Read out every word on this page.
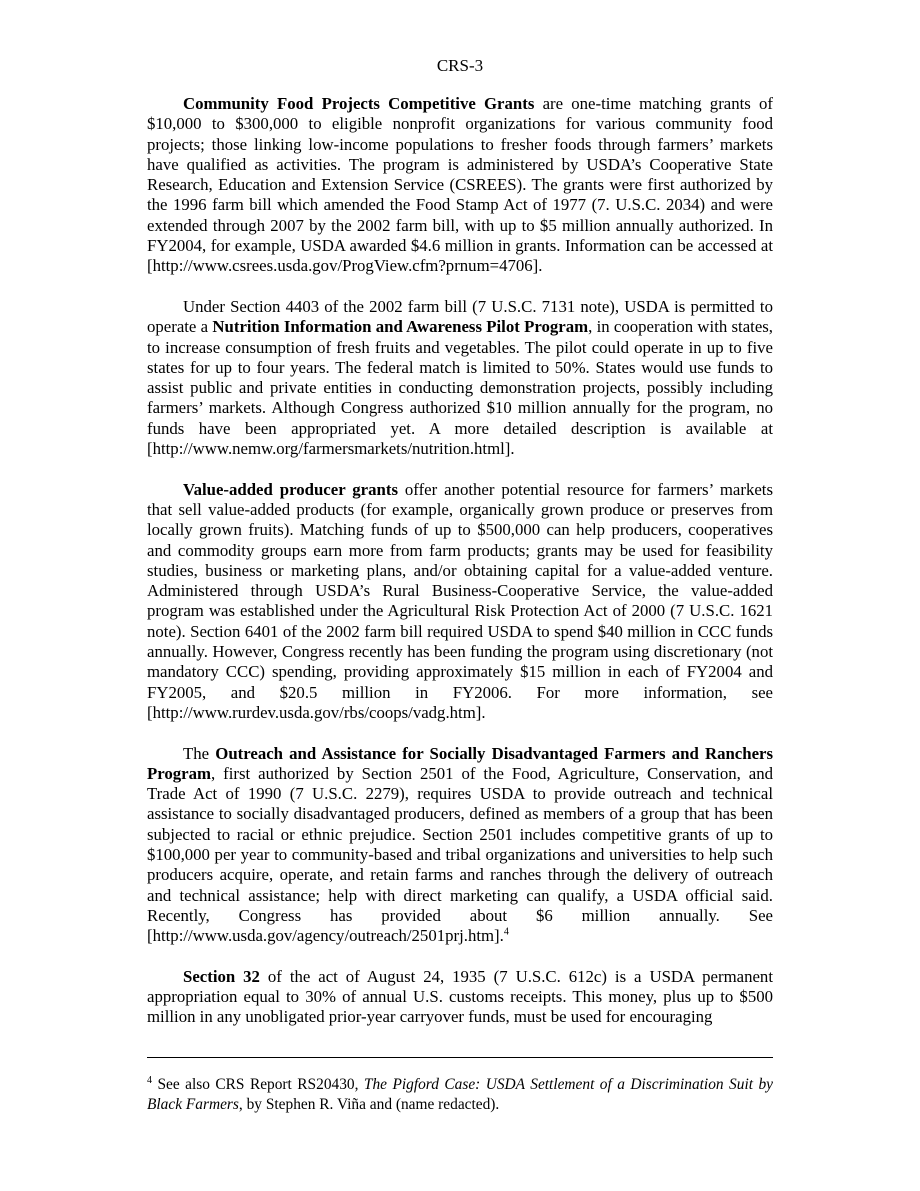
CRS-3

Community Food Projects Competitive Grants are one-time matching grants of $10,000 to $300,000 to eligible nonprofit organizations for various community food projects; those linking low-income populations to fresher foods through farmers’ markets have qualified as activities. The program is administered by USDA’s Cooperative State Research, Education and Extension Service (CSREES). The grants were first authorized by the 1996 farm bill which amended the Food Stamp Act of 1977 (7. U.S.C. 2034) and were extended through 2007 by the 2002 farm bill, with up to $5 million annually authorized. In FY2004, for example, USDA awarded $4.6 million in grants. Information can be accessed at [http://www.csrees.usda.gov/ProgView.cfm?prnum=4706].

Under Section 4403 of the 2002 farm bill (7 U.S.C. 7131 note), USDA is permitted to operate a Nutrition Information and Awareness Pilot Program, in cooperation with states, to increase consumption of fresh fruits and vegetables. The pilot could operate in up to five states for up to four years. The federal match is limited to 50%. States would use funds to assist public and private entities in conducting demonstration projects, possibly including farmers’ markets. Although Congress authorized $10 million annually for the program, no funds have been appropriated yet. A more detailed description is available at [http://www.nemw.org/farmersmarkets/nutrition.html].

Value-added producer grants offer another potential resource for farmers’ markets that sell value-added products (for example, organically grown produce or preserves from locally grown fruits). Matching funds of up to $500,000 can help producers, cooperatives and commodity groups earn more from farm products; grants may be used for feasibility studies, business or marketing plans, and/or obtaining capital for a value-added venture. Administered through USDA’s Rural Business-Cooperative Service, the value-added program was established under the Agricultural Risk Protection Act of 2000 (7 U.S.C. 1621 note). Section 6401 of the 2002 farm bill required USDA to spend $40 million in CCC funds annually. However, Congress recently has been funding the program using discretionary (not mandatory CCC) spending, providing approximately $15 million in each of FY2004 and FY2005, and $20.5 million in FY2006. For more information, see [http://www.rurdev.usda.gov/rbs/coops/vadg.htm].

The Outreach and Assistance for Socially Disadvantaged Farmers and Ranchers Program, first authorized by Section 2501 of the Food, Agriculture, Conservation, and Trade Act of 1990 (7 U.S.C. 2279), requires USDA to provide outreach and technical assistance to socially disadvantaged producers, defined as members of a group that has been subjected to racial or ethnic prejudice. Section 2501 includes competitive grants of up to $100,000 per year to community-based and tribal organizations and universities to help such producers acquire, operate, and retain farms and ranches through the delivery of outreach and technical assistance; help with direct marketing can qualify, a USDA official said. Recently, Congress has provided about $6 million annually. See [http://www.usda.gov/agency/outreach/2501prj.htm].$^4$

Section 32 of the act of August 24, 1935 (7 U.S.C. 612c) is a USDA permanent appropriation equal to 30% of annual U.S. customs receipts. This money, plus up to $500 million in any unobligated prior-year carryover funds, must be used for encouraging

$^4$ See also CRS Report RS20430, The Pigford Case: USDA Settlement of a Discrimination Suit by Black Farmers, by Stephen R. Viña and (name redacted).
